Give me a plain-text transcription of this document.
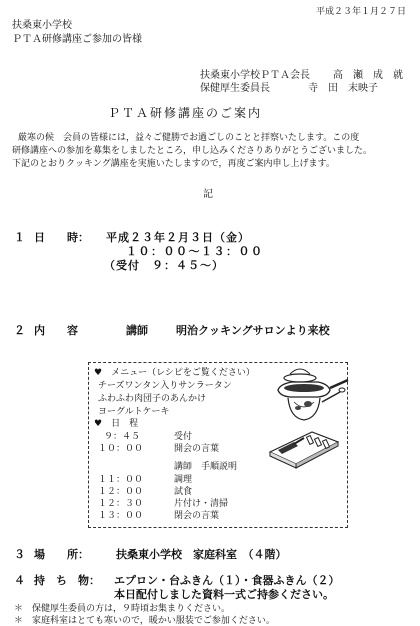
平成２３年１月２７日
扶桑東小学校
ＰＴＡ研修講座ご参加の皆様
扶桑東小学校ＰＴＡ会長 高　瀬　成　就
保健厚生委員長	寺　田　末映子
ＰＴＡ研修講座のご案内
厳寒の候　会員の皆様には，益々ご健勝でお過ごしのことと拝察いたします。この度
研修講座への参加を募集をしましたところ，申し込みくださりありがとうございました。
下記のとおりクッキング講座を実施いたしますので，再度ご案内申し上げます。
記
１ 日　　時： 平成２３年２月３日（金）
１０：００〜１３：００
（受付　９：４５〜）
２ 内　　容	講師	明治クッキングサロンより来校
♥　メニュー（レシピをご覧ください）
チーズワンタン入りサンラータン
ふわふわ肉団子のあんかけ
ヨーグルトケーキ
♥　日　程
９：４５	受付
１０：００	開会の言葉
講師　手順説明
１１：００	調理
１２：００	試食
１２：３０	片付け・清掃
１３：００	閉会の言葉
３ 場　　所： 扶桑東小学校　家庭科室　（４階）
４ 持　ち　物： エプロン・台ふきん（１）・食器ふきん（２）
本日配付しました資料一式ご持参ください。
＊　保健厚生委員の方は，９時頃お集まりください。
＊　家庭科室はとても寒いので，暖かい服装でご参加ください。
